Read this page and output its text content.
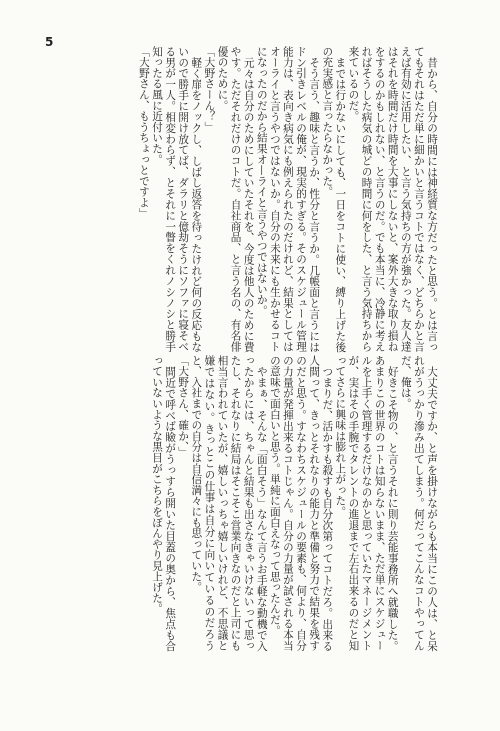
5

昔から、自分の時間には神経質な方だったと思う。とは言ってもそれはただ単に細かいと言うコトではなく、どちらかと言えば有効に活用したい、と言う気持ちの方が強かった。友人達はそれを時間だけ時間を大事にしないと、案外大きな取り損ねをするのかもしれない、と言うのだ。でも本当に、冷静に考えればそうした病気の城どの時間に何をした、と言う気持ちから来ているのだ。

までは行かないにしても、一日をコトに使い、縛り上げた後の充実感と言ったらなかった。

そう言う、趣味と言うか、性分と言うか。几帳面と言うにはドン引きレベルの俺が、現実的すぎる。そのスケジュール管理能力は、表向き病気にも例えられたのだけれど、結果としてはオーライと言うやつではないか。自分の未来にも生かせるコトになったのだから結果オ—ライと言うやつではないか。

元々は自分のためにしていたそれを、今度は他人のために費やす。ただそれだけのコトだ。自社商品、と言う名の、有名俳優のために。

「大野さーん？」

軽く扉をノックし、しばし返答を待ったけれど何の反応もないので勝手に開け放てば、ダラリと億劫そうにソファに寝そべる男が一人。相変わらず、とそれに一瞥をくれノシノシと勝手知ったる風に近付いた。

「大野さん、もうちょっとですよ」

大丈夫ですか、と声を掛けながらも本当にこの人は、と呆れがうっかり滲み出てしまう。何だってこんなコトやってんだ、俺は。

好きこそ物の、と言うそれに則り芸能事務所へ就職した。あまりこの世界のコトは知らないまま、ただ単にスケジュールを上手く管理するだけなのかと思っていたマネージメントが、実はその手腕でタレントの進退まで左右出来るのだと知ってさらに興味は膨れ上がった。

つまりだ、活かすも殺すも自分次第ってコトだろ。出来る人間って、きっとそれなりの能力と準備と努力で結果を残すのだと思う。すなわちスケジュールの要素も、何より、自分の力量が発揮出来るコトじゃん。自分の力量が試される本当の意味で面白いと思う。単純に面白えなって思ったんだ。

やまぁ、そんな「面白そう」なんて言うお手軽な動機で入ったからには、ちゃんと結果も出さなきゃいけないって思ったし、それなりに結局はそこそこ営業向きなのだと上司にも相当言われていたが、嬉しいっちゃ嬉しいけれど、不思議と嫌ではない。きっとこの仕事は自分に向いているのだろうと、入社までの自分は自信満々にも思っていた。

「大野さん、確か、」

間近で呼べば瞼がうっすら開いた目蓋の奥から、焦点も合っていないような黒目がこちらをぼんやり見上げた。
